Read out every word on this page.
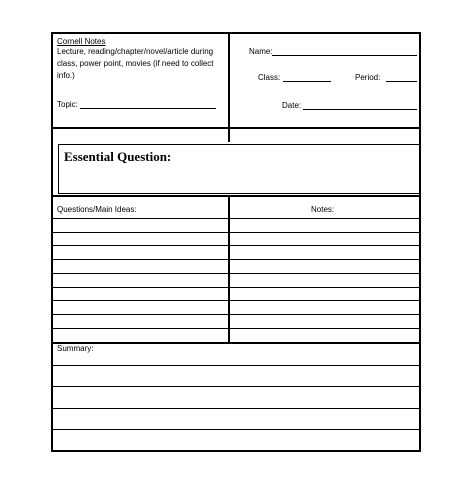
Cornell Notes
Lecture, reading/chapter/novel/article during
class, power point, movies (if need to collect
info.)
Topic:
Name:
Class:	Period:
Date:
Essential Question:
Questions/Main Ideas:	Notes:
Summary:
